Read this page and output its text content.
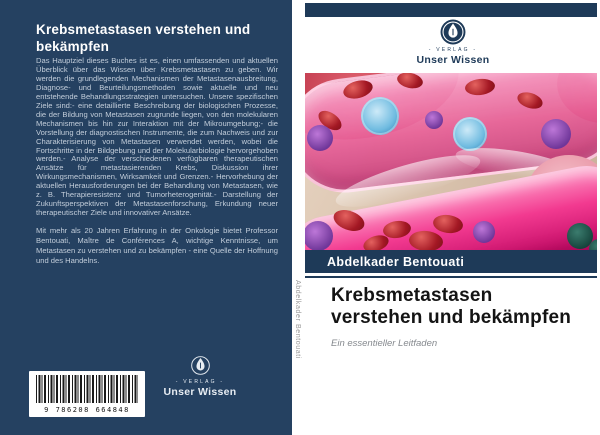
Krebsmetastasen verstehen und bekämpfen

Das Hauptziel dieses Buches ist es, einen umfassenden und aktuellen Überblick über das Wissen über Krebsmetastasen zu geben. Wir werden die grundlegenden Mechanismen der Metastasenausbreitung, Diagnose- und Beurteilungsmethoden sowie aktuelle und neu entstehende Behandlungsstrategien untersuchen. Unsere spezifischen Ziele sind:- eine detaillierte Beschreibung der biologischen Prozesse, die der Bildung von Metastasen zugrunde liegen, von den molekularen Mechanismen bis hin zur Interaktion mit der Mikroumgebung;- die Vorstellung der diagnostischen Instrumente, die zum Nachweis und zur Charakterisierung von Metastasen verwendet werden, wobei die Fortschritte in der Bildgebung und der Molekularbiologie hervorgehoben werden.- Analyse der verschiedenen verfügbaren therapeutischen Ansätze für metastasierenden Krebs, Diskussion ihrer Wirkungsmechanismen, Wirksamkeit und Grenzen.- Hervorhebung der aktuellen Herausforderungen bei der Behandlung von Metastasen, wie z. B. Therapieresistenz und Tumorheterogenität.- Darstellung der Zukunftsperspektiven der Metastasenforschung, Erkundung neuer therapeutischer Ziele und innovativer Ansätze.

Mit mehr als 20 Jahren Erfahrung in der Onkologie bietet Professor Bentouati, Maître de Conférences A, wichtige Kenntnisse, um Metastasen zu verstehen und zu bekämpfen - eine Quelle der Hoffnung und des Handelns.

9 786208 664848
- VERLAG -
Unser Wissen
Abdelkader Bentouati
- VERLAG -
Unser Wissen
Abdelkader Bentouati
Krebsmetastasen
verstehen und bekämpfen
Ein essentieller Leitfaden
